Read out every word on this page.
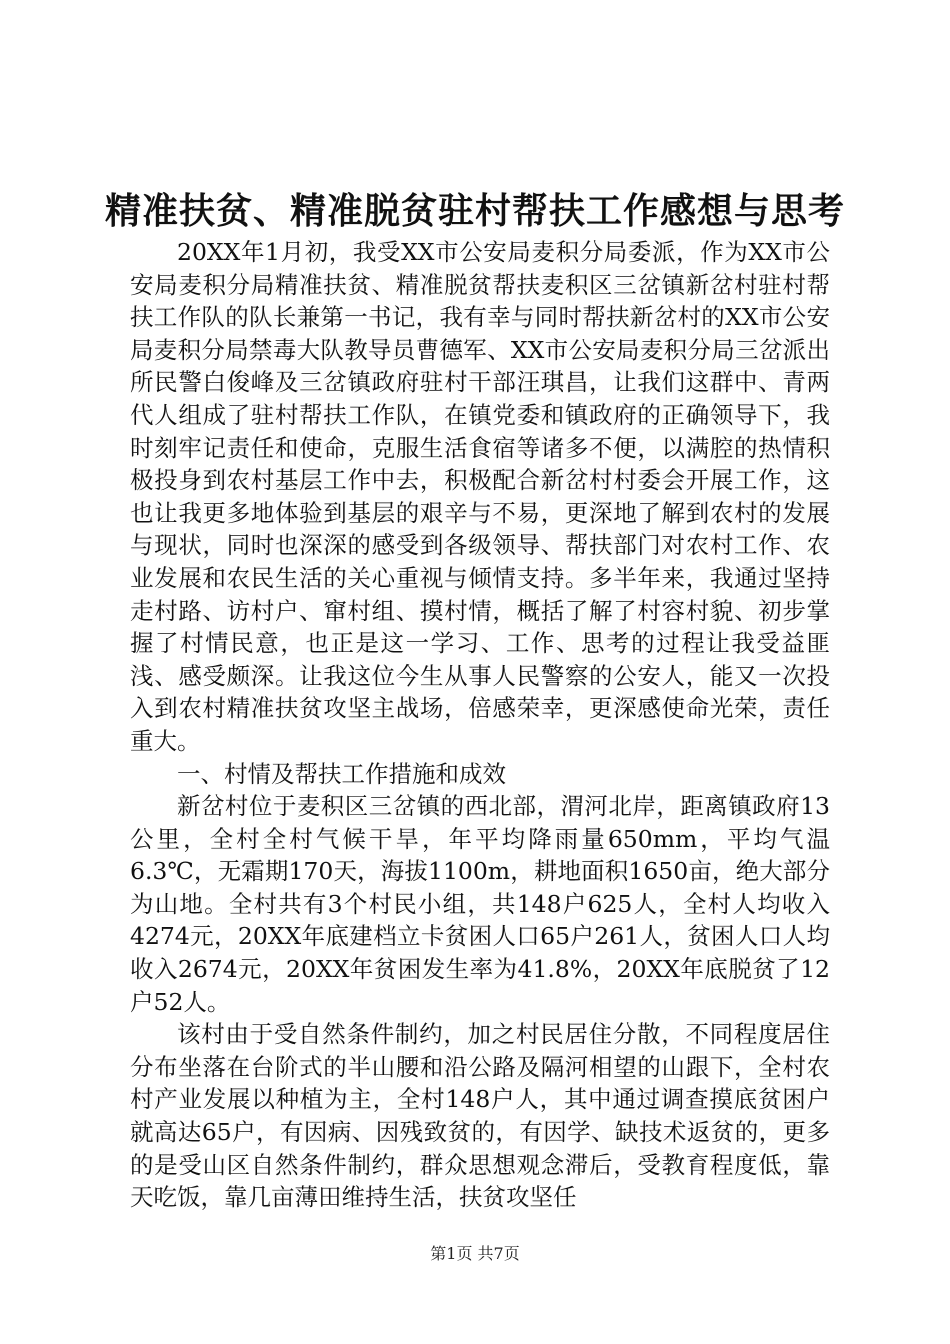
精准扶贫、精准脱贫驻村帮扶工作感想与思考

20XX年1月初，我受XX市公安局麦积分局委派，作为XX市公安局麦积分局精准扶贫、精准脱贫帮扶麦积区三岔镇新岔村驻村帮扶工作队的队长兼第一书记，我有幸与同时帮扶新岔村的XX市公安局麦积分局禁毒大队教导员曹德军、XX市公安局麦积分局三岔派出所民警白俊峰及三岔镇政府驻村干部汪琪昌，让我们这群中、青两代人组成了驻村帮扶工作队，在镇党委和镇政府的正确领导下，我时刻牢记责任和使命，克服生活食宿等诸多不便，以满腔的热情积极投身到农村基层工作中去，积极配合新岔村村委会开展工作，这也让我更多地体验到基层的艰辛与不易，更深地了解到农村的发展与现状，同时也深深的感受到各级领导、帮扶部门对农村工作、农业发展和农民生活的关心重视与倾情支持。多半年来，我通过坚持走村路、访村户、窜村组、摸村情，概括了解了村容村貌、初步掌握了村情民意，也正是这一学习、工作、思考的过程让我受益匪浅、感受颇深。让我这位今生从事人民警察的公安人，能又一次投入到农村精准扶贫攻坚主战场，倍感荣幸，更深感使命光荣，责任重大。

一、村情及帮扶工作措施和成效

新岔村位于麦积区三岔镇的西北部，渭河北岸，距离镇政府13公里，全村全村气候干旱，年平均降雨量650mm，平均气温6.3℃，无霜期170天，海拔1100m，耕地面积1650亩，绝大部分为山地。全村共有3个村民小组，共148户625人，全村人均收入4274元，20XX年底建档立卡贫困人口65户261人，贫困人口人均收入2674元，20XX年贫困发生率为41.8%，20XX年底脱贫了12户52人。

该村由于受自然条件制约，加之村民居住分散，不同程度居住分布坐落在台阶式的半山腰和沿公路及隔河相望的山跟下，全村农村产业发展以种植为主，全村148户人，其中通过调查摸底贫困户就高达65户，有因病、因残致贫的，有因学、缺技术返贫的，更多的是受山区自然条件制约，群众思想观念滞后，受教育程度低，靠天吃饭，靠几亩薄田维持生活，扶贫攻坚任

第1页 共7页
